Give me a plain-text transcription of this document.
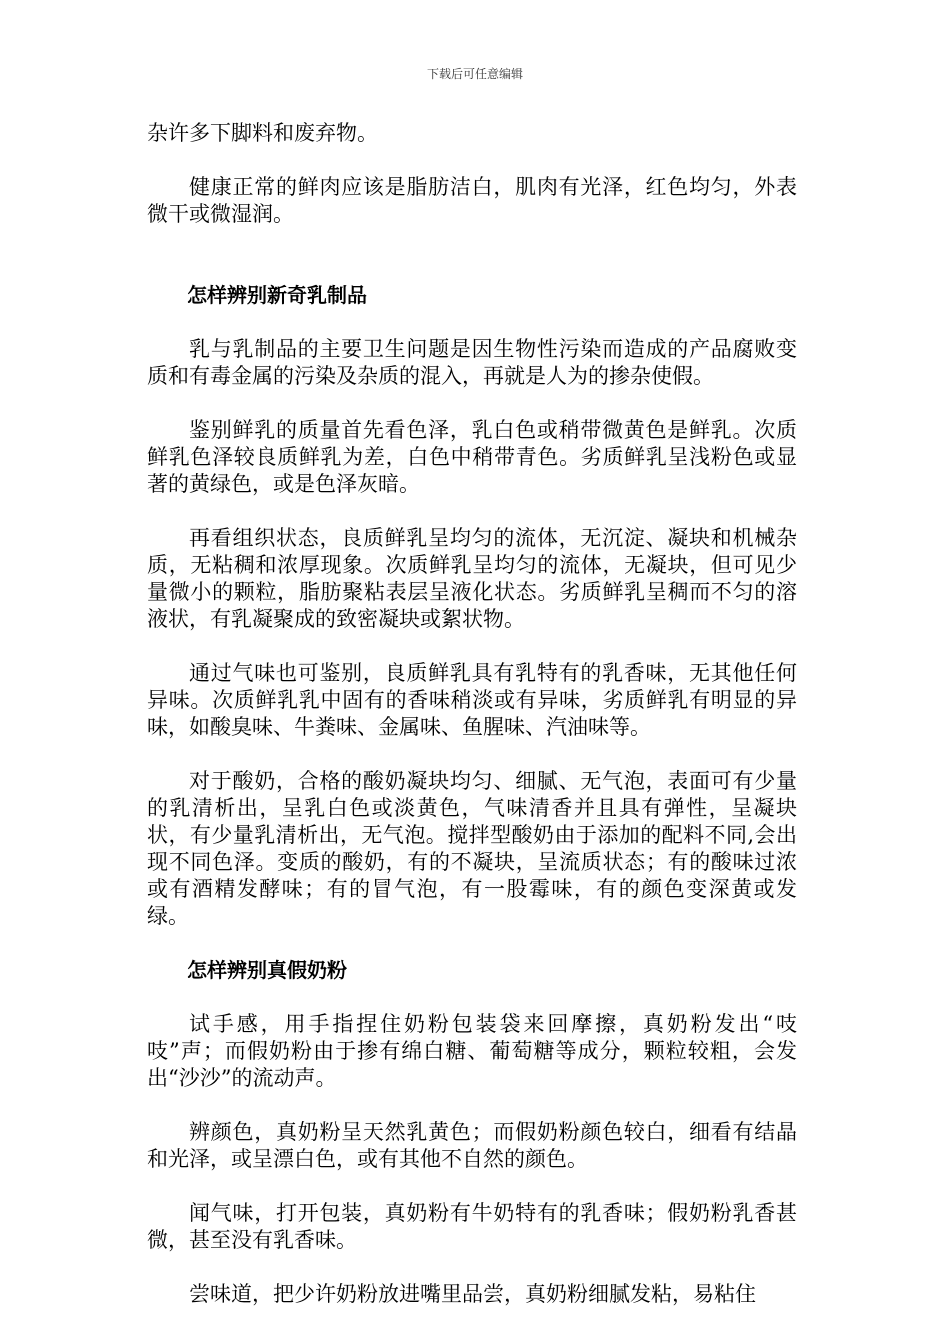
下载后可任意编辑

杂许多下脚料和废弃物。

健康正常的鲜肉应该是脂肪洁白，肌肉有光泽，红色均匀，外表微干或微湿润。

怎样辨别新奇乳制品

乳与乳制品的主要卫生问题是因生物性污染而造成的产品腐败变质和有毒金属的污染及杂质的混入，再就是人为的掺杂使假。

鉴别鲜乳的质量首先看色泽，乳白色或稍带微黄色是鲜乳。次质鲜乳色泽较良质鲜乳为差，白色中稍带青色。劣质鲜乳呈浅粉色或显著的黄绿色，或是色泽灰暗。

再看组织状态，良质鲜乳呈均匀的流体，无沉淀、凝块和机械杂质，无粘稠和浓厚现象。次质鲜乳呈均匀的流体，无凝块，但可见少量微小的颗粒，脂肪聚粘表层呈液化状态。劣质鲜乳呈稠而不匀的溶液状，有乳凝聚成的致密凝块或絮状物。

通过气味也可鉴别，良质鲜乳具有乳特有的乳香味，无其他任何异味。次质鲜乳乳中固有的香味稍淡或有异味，劣质鲜乳有明显的异味，如酸臭味、牛粪味、金属味、鱼腥味、汽油味等。

对于酸奶，合格的酸奶凝块均匀、细腻、无气泡，表面可有少量的乳清析出，呈乳白色或淡黄色，气味清香并且具有弹性，呈凝块状，有少量乳清析出，无气泡。搅拌型酸奶由于添加的配料不同,会出现不同色泽。变质的酸奶，有的不凝块，呈流质状态；有的酸味过浓或有酒精发酵味；有的冒气泡，有一股霉味，有的颜色变深黄或发绿。

怎样辨别真假奶粉

试手感，用手指捏住奶粉包装袋来回摩擦，真奶粉发出“吱吱”声；而假奶粉由于掺有绵白糖、葡萄糖等成分，颗粒较粗，会发出“沙沙”的流动声。

辨颜色，真奶粉呈天然乳黄色；而假奶粉颜色较白，细看有结晶和光泽，或呈漂白色，或有其他不自然的颜色。

闻气味，打开包装，真奶粉有牛奶特有的乳香味；假奶粉乳香甚微，甚至没有乳香味。

尝味道，把少许奶粉放进嘴里品尝，真奶粉细腻发粘，易粘住
